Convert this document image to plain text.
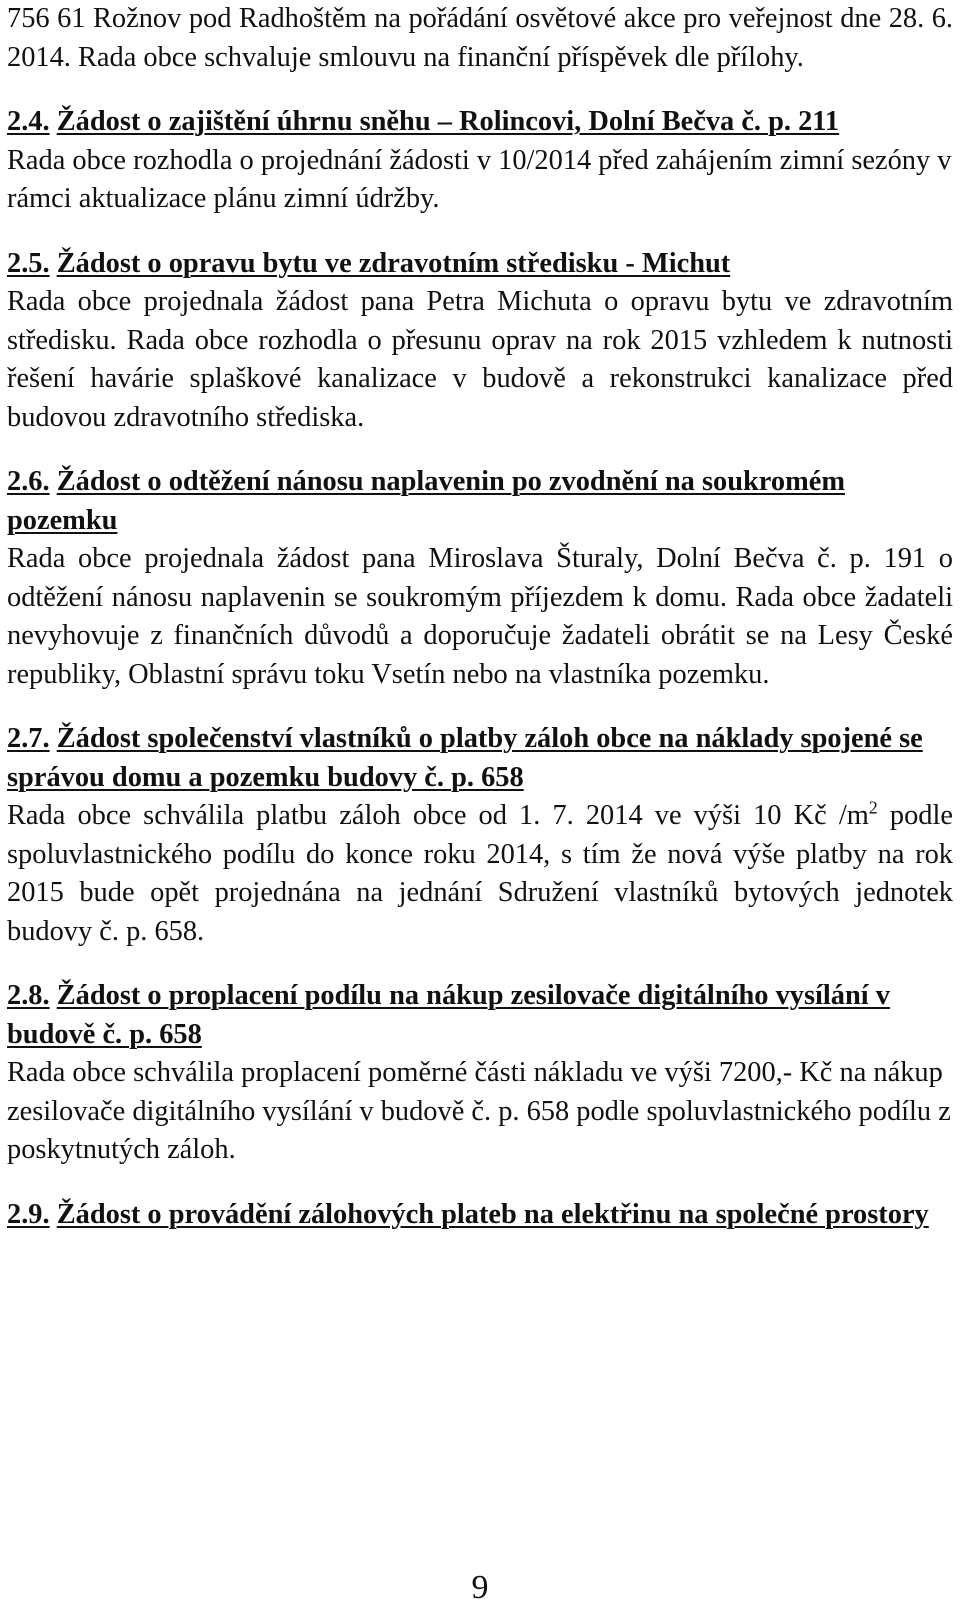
756 61 Rožnov pod Radhoštěm na pořádání osvětové akce pro veřejnost dne 28. 6. 2014. Rada obce schvaluje smlouvu na finanční příspěvek dle přílohy.

2.4. Žádost o zajištění úhrnu sněhu – Rolincovi, Dolní Bečva č. p. 211

Rada obce rozhodla o projednání žádosti v 10/2014 před zahájením zimní sezóny v rámci aktualizace plánu zimní údržby.

2.5. Žádost o opravu bytu ve zdravotním středisku - Michut

Rada obce projednala žádost pana Petra Michuta o opravu bytu ve zdravotním středisku. Rada obce rozhodla o přesunu oprav na rok 2015 vzhledem k nutnosti řešení havárie splaškové kanalizace v budově a rekonstrukci kanalizace před budovou zdravotního střediska.

2.6. Žádost o odtěžení nánosu naplavenin po zvodnění na soukromém pozemku

Rada obce projednala žádost pana Miroslava Šturaly, Dolní Bečva č. p. 191 o odtěžení nánosu naplavenin se soukromým příjezdem k domu. Rada obce žadateli nevyhovuje z finančních důvodů a doporučuje žadateli obrátit se na Lesy České republiky, Oblastní správu toku Vsetín nebo na vlastníka pozemku.

2.7. Žádost společenství vlastníků o platby záloh obce na náklady spojené se správou domu a pozemku budovy č. p. 658

Rada obce schválila platbu záloh obce od 1. 7. 2014 ve výši 10 Kč $/m^2$ podle spoluvlastnického podílu do konce roku 2014, s tím že nová výše platby na rok 2015 bude opět projednána na jednání Sdružení vlastníků bytových jednotek budovy č. p. 658.

2.8. Žádost o proplacení podílu na nákup zesilovače digitálního vysílání v budově č. p. 658

Rada obce schválila proplacení poměrné části nákladu ve výši 7200,- Kč na nákup zesilovače digitálního vysílání v budově č. p. 658 podle spoluvlastnického podílu z poskytnutých záloh.

2.9. Žádost o provádění zálohových plateb na elektřinu na společné prostory

9
